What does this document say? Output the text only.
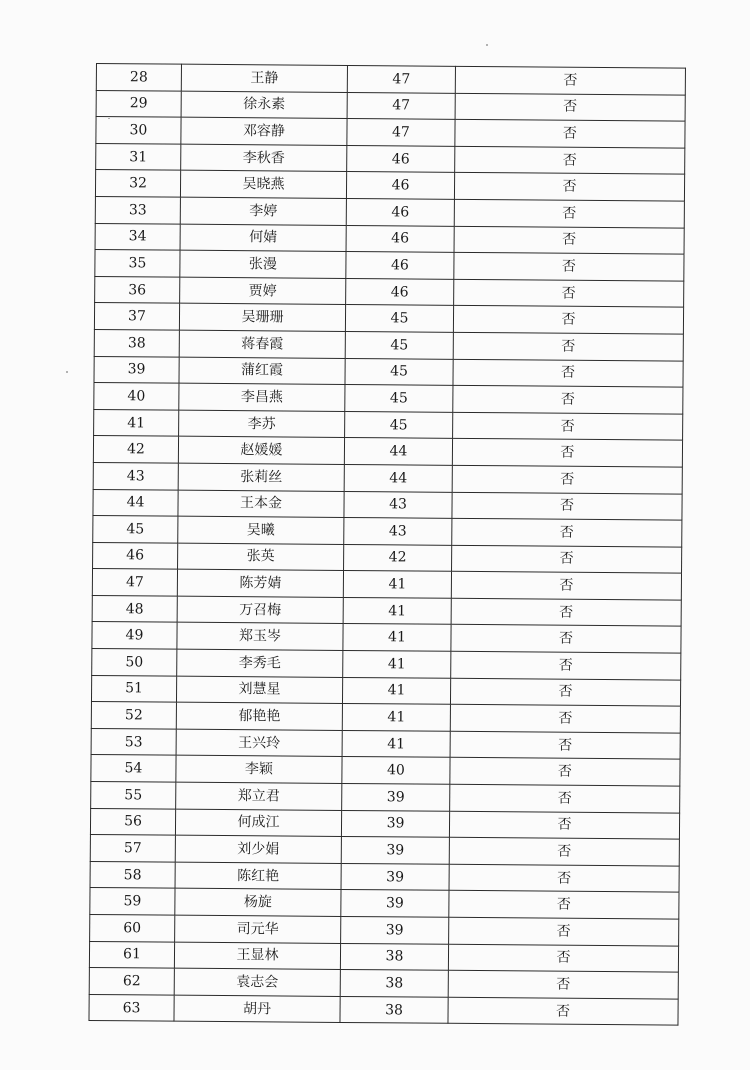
28	王静	47	否
29	徐永素	47	否
30	邓容静	47	否
31	李秋香	46	否
32	吴晓燕	46	否
33	李婷	46	否
34	何婧	46	否
35	张漫	46	否
36	贾婷	46	否
37	吴珊珊	45	否
38	蒋春霞	45	否
39	蒲红霞	45	否
40	李昌燕	45	否
41	李苏	45	否
42	赵媛媛	44	否
43	张莉丝	44	否
44	王本金	43	否
45	吴曦	43	否
46	张英	42	否
47	陈芳婧	41	否
48	万召梅	41	否
49	郑玉岑	41	否
50	李秀毛	41	否
51	刘慧星	41	否
52	郁艳艳	41	否
53	王兴玲	41	否
54	李颖	40	否
55	郑立君	39	否
56	何成江	39	否
57	刘少娟	39	否
58	陈红艳	39	否
59	杨旋	39	否
60	司元华	39	否
61	王显林	38	否
62	袁志会	38	否
63	胡丹	38	否
